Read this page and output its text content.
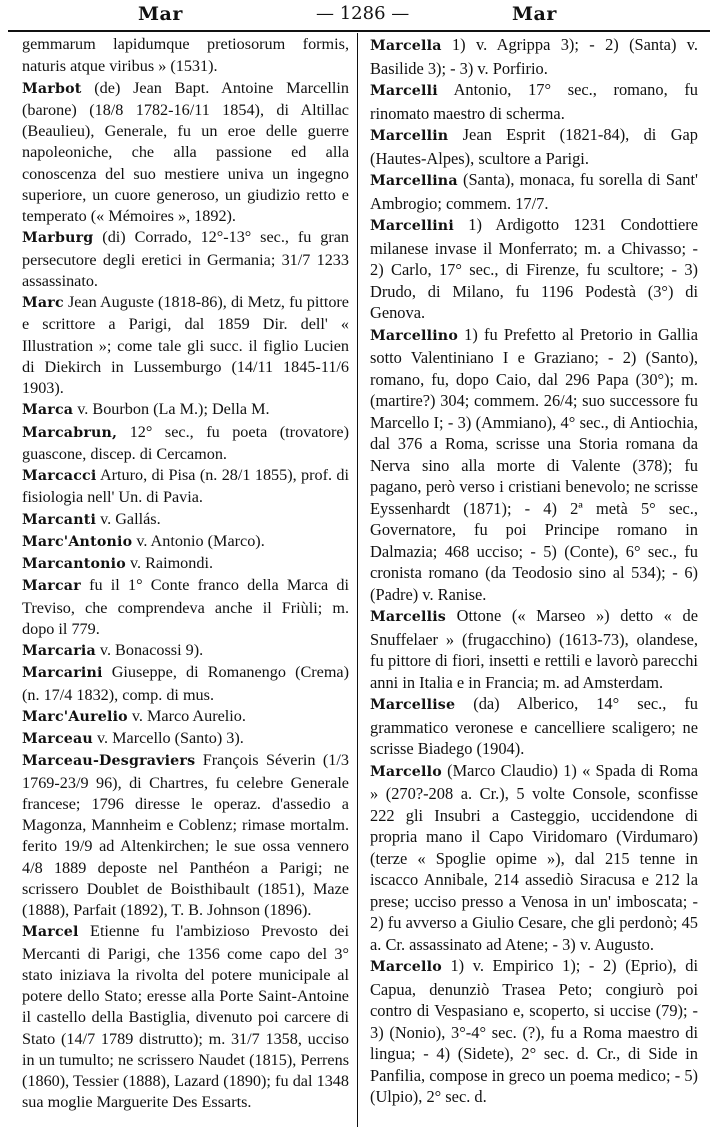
Mar	— 1286 —	Mar

gemmarum lapidumque pretiosorum formis, naturis atque viribus » (1531).

Marbot (de) Jean Bapt. Antoine Marcellin (barone) (18/8 1782-16/11 1854), di Altillac (Beaulieu), Generale, fu un eroe delle guerre napoleoniche, che alla passione ed alla conoscenza del suo mestiere univa un ingegno superiore, un cuore generoso, un giudizio retto e temperato (« Mémoires », 1892).

Marburg (di) Corrado, 12°-13° sec., fu gran persecutore degli eretici in Germania; 31/7 1233 assassinato.

Marc Jean Auguste (1818-86), di Metz, fu pittore e scrittore a Parigi, dal 1859 Dir. dell' « Illustration »; come tale gli succ. il figlio Lucien di Diekirch in Lussemburgo (14/11 1845-11/6 1903).

Marca v. Bourbon (La M.); Della M.

Marcabrun, 12° sec., fu poeta (trovatore) guascone, discep. di Cercamon.

Marcacci Arturo, di Pisa (n. 28/1 1855), prof. di fisiologia nell' Un. di Pavia.

Marcanti v. Gallás.

Marc'Antonio v. Antonio (Marco).

Marcantonio v. Raimondi.

Marcar fu il 1° Conte franco della Marca di Treviso, che comprendeva anche il Friùli; m. dopo il 779.

Marcaria v. Bonacossi 9).

Marcarini Giuseppe, di Romanengo (Crema) (n. 17/4 1832), comp. di mus.

Marc'Aurelio v. Marco Aurelio.

Marceau v. Marcello (Santo) 3).

Marceau-Desgraviers François Séverin (1/3 1769-23/9 96), di Chartres, fu celebre Generale francese; 1796 diresse le operaz. d'assedio a Magonza, Mannheim e Coblenz; rimase mortalm. ferito 19/9 ad Altenkirchen; le sue ossa vennero 4/8 1889 deposte nel Panthéon a Parigi; ne scrissero Doublet de Boisthibault (1851), Maze (1888), Parfait (1892), T. B. Johnson (1896).

Marcel Etienne fu l'ambizioso Prevosto dei Mercanti di Parigi, che 1356 come capo del 3° stato iniziava la rivolta del potere municipale al potere dello Stato; eresse alla Porte Saint-Antoine il castello della Bastiglia, divenuto poi carcere di Stato (14/7 1789 distrutto); m. 31/7 1358, ucciso in un tumulto; ne scrissero Naudet (1815), Perrens (1860), Tessier (1888), Lazard (1890); fu dal 1348 sua moglie Marguerite Des Essarts.

Marcella 1) v. Agrippa 3); - 2) (Santa) v. Basilide 3); - 3) v. Porfirio.

Marcelli Antonio, 17° sec., romano, fu rinomato maestro di scherma.

Marcellin Jean Esprit (1821-84), di Gap (Hautes-Alpes), scultore a Parigi.

Marcellina (Santa), monaca, fu sorella di Sant' Ambrogio; commem. 17/7.

Marcellini 1) Ardigotto 1231 Condottiere milanese invase il Monferrato; m. a Chivasso; - 2) Carlo, 17° sec., di Firenze, fu scultore; - 3) Drudo, di Milano, fu 1196 Podestà (3°) di Genova.

Marcellino 1) fu Prefetto al Pretorio in Gallia sotto Valentiniano I e Graziano; - 2) (Santo), romano, fu, dopo Caio, dal 296 Papa (30°); m. (martire?) 304; commem. 26/4; suo successore fu Marcello I; - 3) (Ammiano), 4° sec., di Antiochia, dal 376 a Roma, scrisse una Storia romana da Nerva sino alla morte di Valente (378); fu pagano, però verso i cristiani benevolo; ne scrisse Eyssenhardt (1871); - 4) 2ª metà 5° sec., Governatore, fu poi Principe romano in Dalmazia; 468 ucciso; - 5) (Conte), 6° sec., fu cronista romano (da Teodosio sino al 534); - 6) (Padre) v. Ranise.

Marcellis Ottone (« Marseo ») detto « de Snuffelaer » (frugacchino) (1613-73), olandese, fu pittore di fiori, insetti e rettili e lavorò parecchi anni in Italia e in Francia; m. ad Amsterdam.

Marcellise (da) Alberico, 14° sec., fu grammatico veronese e cancelliere scaligero; ne scrisse Biadego (1904).

Marcello (Marco Claudio) 1) « Spada di Roma » (270?-208 a. Cr.), 5 volte Console, sconfisse 222 gli Insubri a Casteggio, uccidendone di propria mano il Capo Viridomaro (Virdumaro) (terze « Spoglie opime »), dal 215 tenne in iscacco Annibale, 214 assediò Siracusa e 212 la prese; ucciso presso a Venosa in un' imboscata; - 2) fu avverso a Giulio Cesare, che gli perdonò; 45 a. Cr. assassinato ad Atene; - 3) v. Augusto.

Marcello 1) v. Empirico 1); - 2) (Eprio), di Capua, denunziò Trasea Peto; congiurò poi contro di Vespasiano e, scoperto, si uccise (79); - 3) (Nonio), 3°-4° sec. (?), fu a Roma maestro di lingua; - 4) (Sidete), 2° sec. d. Cr., di Side in Panfilia, compose in greco un poema medico; - 5) (Ulpio), 2° sec. d.
